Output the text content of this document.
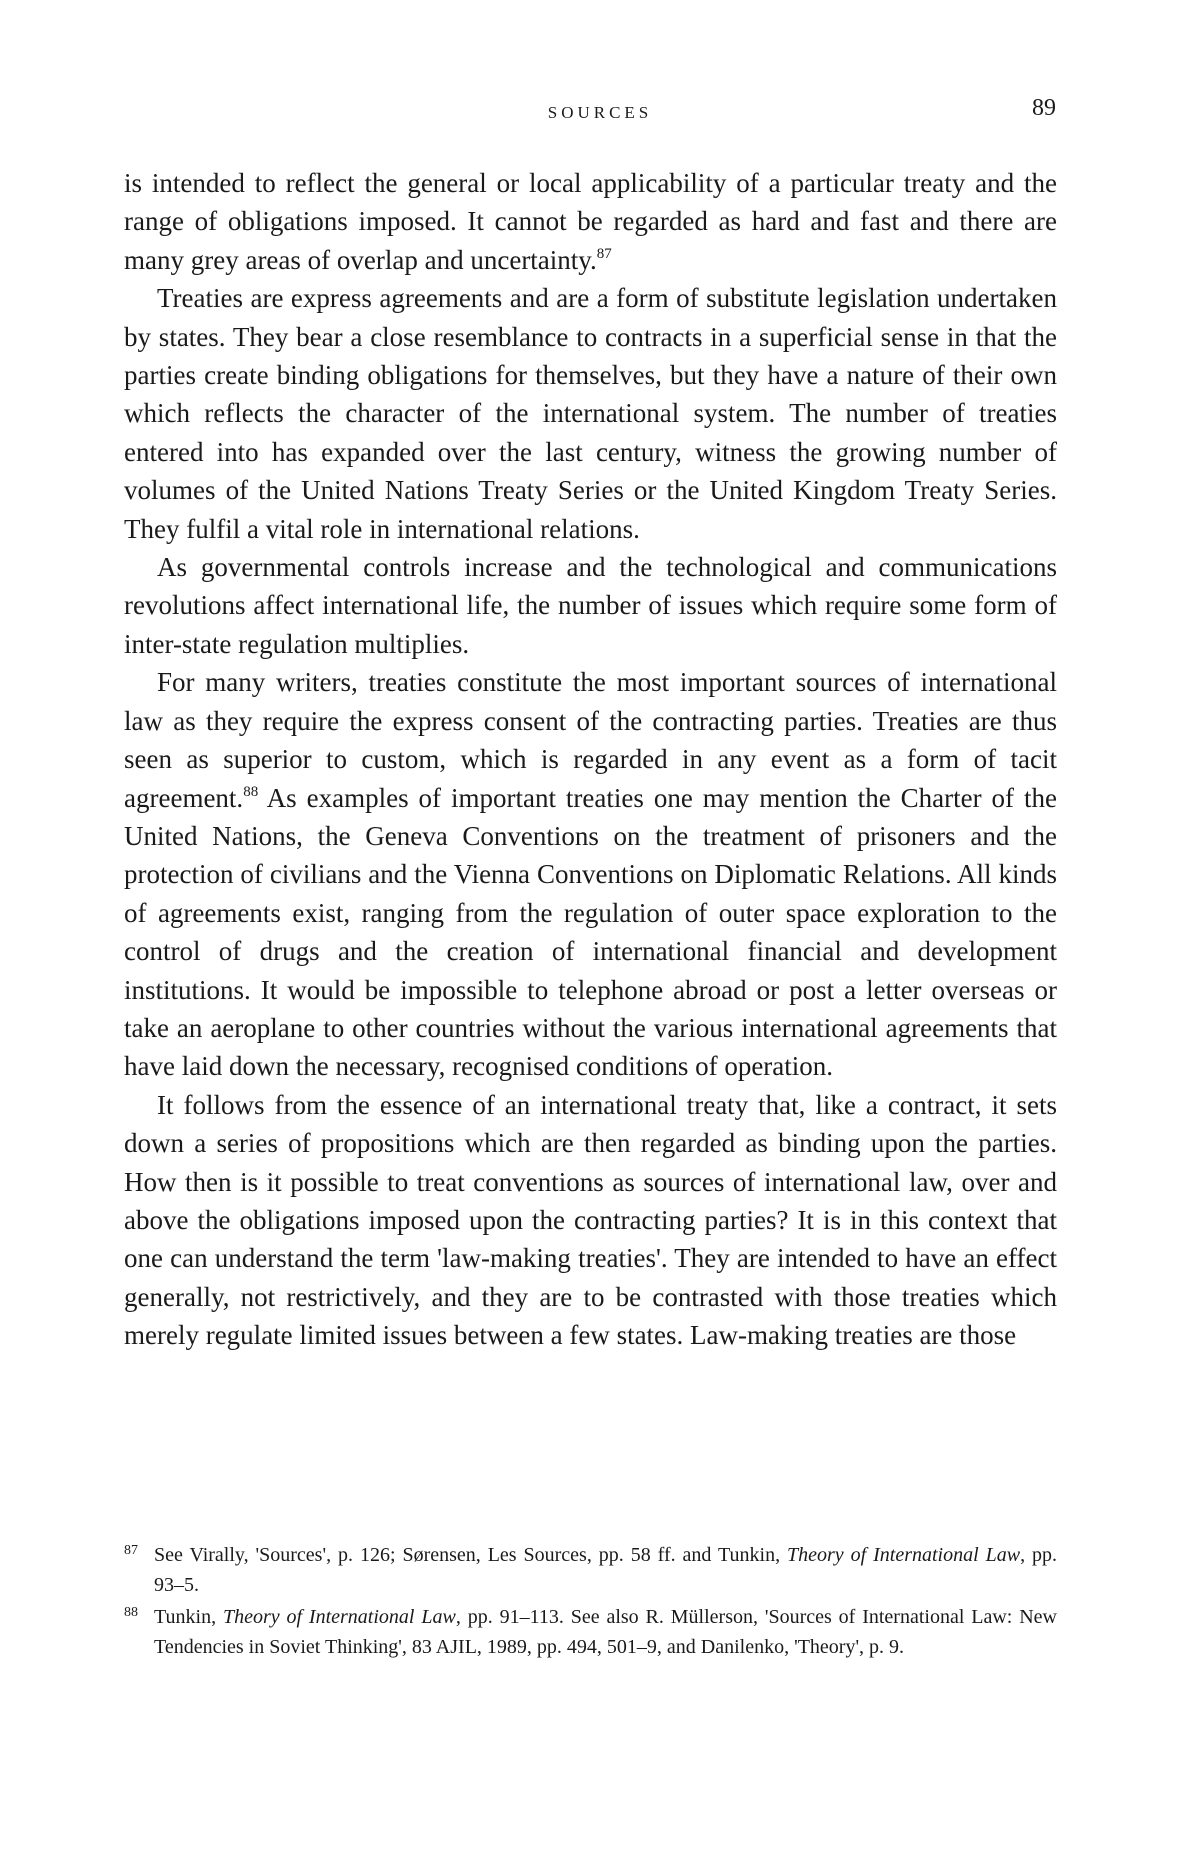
SOURCES	89

is intended to reflect the general or local applicability of a particular treaty and the range of obligations imposed. It cannot be regarded as hard and fast and there are many grey areas of overlap and uncertainty.$^{87}$

Treaties are express agreements and are a form of substitute legislation undertaken by states. They bear a close resemblance to contracts in a superficial sense in that the parties create binding obligations for themselves, but they have a nature of their own which reflects the character of the international system. The number of treaties entered into has expanded over the last century, witness the growing number of volumes of the United Nations Treaty Series or the United Kingdom Treaty Series. They fulfil a vital role in international relations.

As governmental controls increase and the technological and communications revolutions affect international life, the number of issues which require some form of inter-state regulation multiplies.

For many writers, treaties constitute the most important sources of international law as they require the express consent of the contracting parties. Treaties are thus seen as superior to custom, which is regarded in any event as a form of tacit agreement.$^{88}$ As examples of important treaties one may mention the Charter of the United Nations, the Geneva Conventions on the treatment of prisoners and the protection of civilians and the Vienna Conventions on Diplomatic Relations. All kinds of agreements exist, ranging from the regulation of outer space exploration to the control of drugs and the creation of international financial and development institutions. It would be impossible to telephone abroad or post a letter overseas or take an aeroplane to other countries without the various international agreements that have laid down the necessary, recognised conditions of operation.

It follows from the essence of an international treaty that, like a contract, it sets down a series of propositions which are then regarded as binding upon the parties. How then is it possible to treat conventions as sources of international law, over and above the obligations imposed upon the contracting parties? It is in this context that one can understand the term 'law-making treaties'. They are intended to have an effect generally, not restrictively, and they are to be contrasted with those treaties which merely regulate limited issues between a few states. Law-making treaties are those

87 See Virally, 'Sources', p. 126; Sørensen, Les Sources, pp. 58 ff. and Tunkin, Theory of International Law, pp. 93–5.
88 Tunkin, Theory of International Law, pp. 91–113. See also R. Müllerson, 'Sources of International Law: New Tendencies in Soviet Thinking', 83 AJIL, 1989, pp. 494, 501–9, and Danilenko, 'Theory', p. 9.
